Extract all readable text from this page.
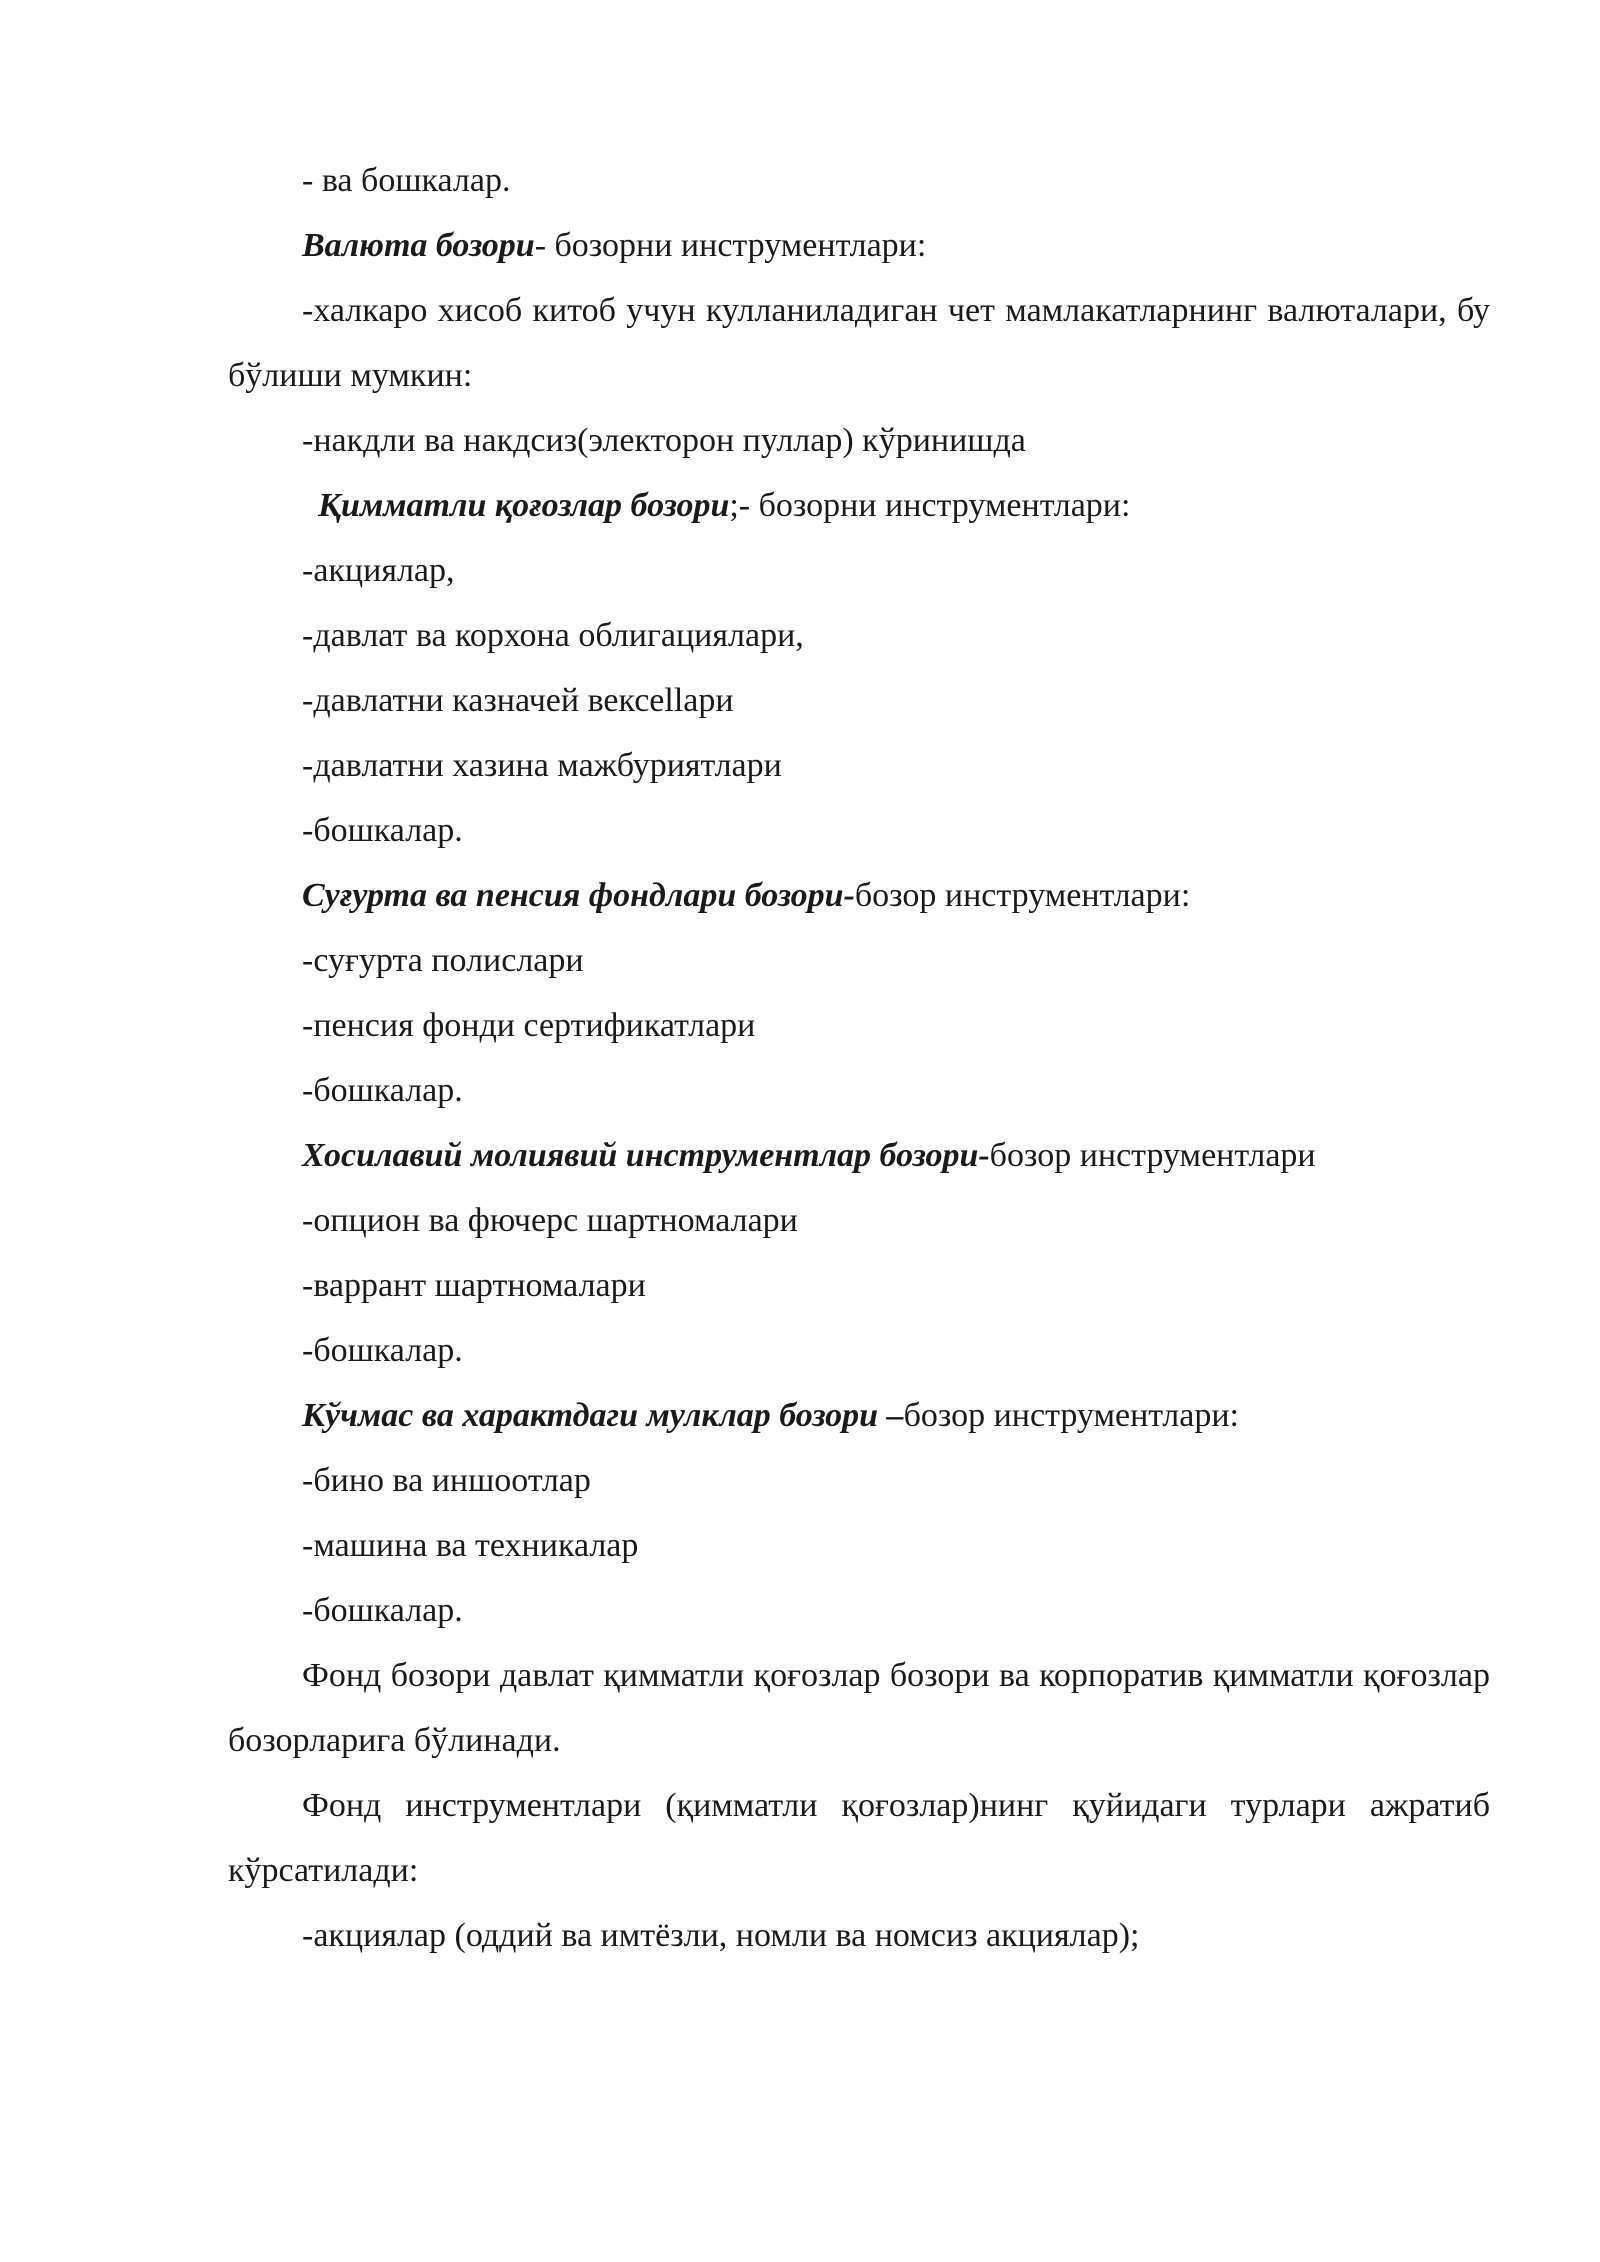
- ва бошкалар.

Валюта бозори- бозорни инструментлари:

-халкаро хисоб китоб учун кулланиладиган чет мамлакатларнинг валюталари, бу бўлиши мумкин:

-накдли ва накдсиз(электорон пуллар) кўринишда

Қимматли қоғозлар бозори;- бозорни инструментлари:

-акциялар,

-давлат ва корхона облигациялари,

-давлатни казначей вексellари

-давлатни хазина мажбуриятлари

-бошкалар.

Суғурта ва пенсия фондлари бозори-бозор инструментлари:

-суғурта полислари

-пенсия фонди сертификатлари

-бошкалар.

Хосилавий молиявий инструментлар бозори-бозор инструментлари

-опцион ва фючерс шартномалари

-варрант шартномалари

-бошкалар.

Кўчмас ва характдаги мулклар бозори –бозор инструментлари:

-бино ва иншоотлар

-машина ва техникалар

-бошкалар.

Фонд бозори давлат қимматли қоғозлар бозори ва корпоратив қимматли қоғозлар бозорларига бўлинади.

Фонд инструментлари (қимматли қоғозлар)нинг қуйидаги турлари ажратиб кўрсатилади:

-акциялар (оддий ва имтёзли, номли ва номсиз акциялар);
